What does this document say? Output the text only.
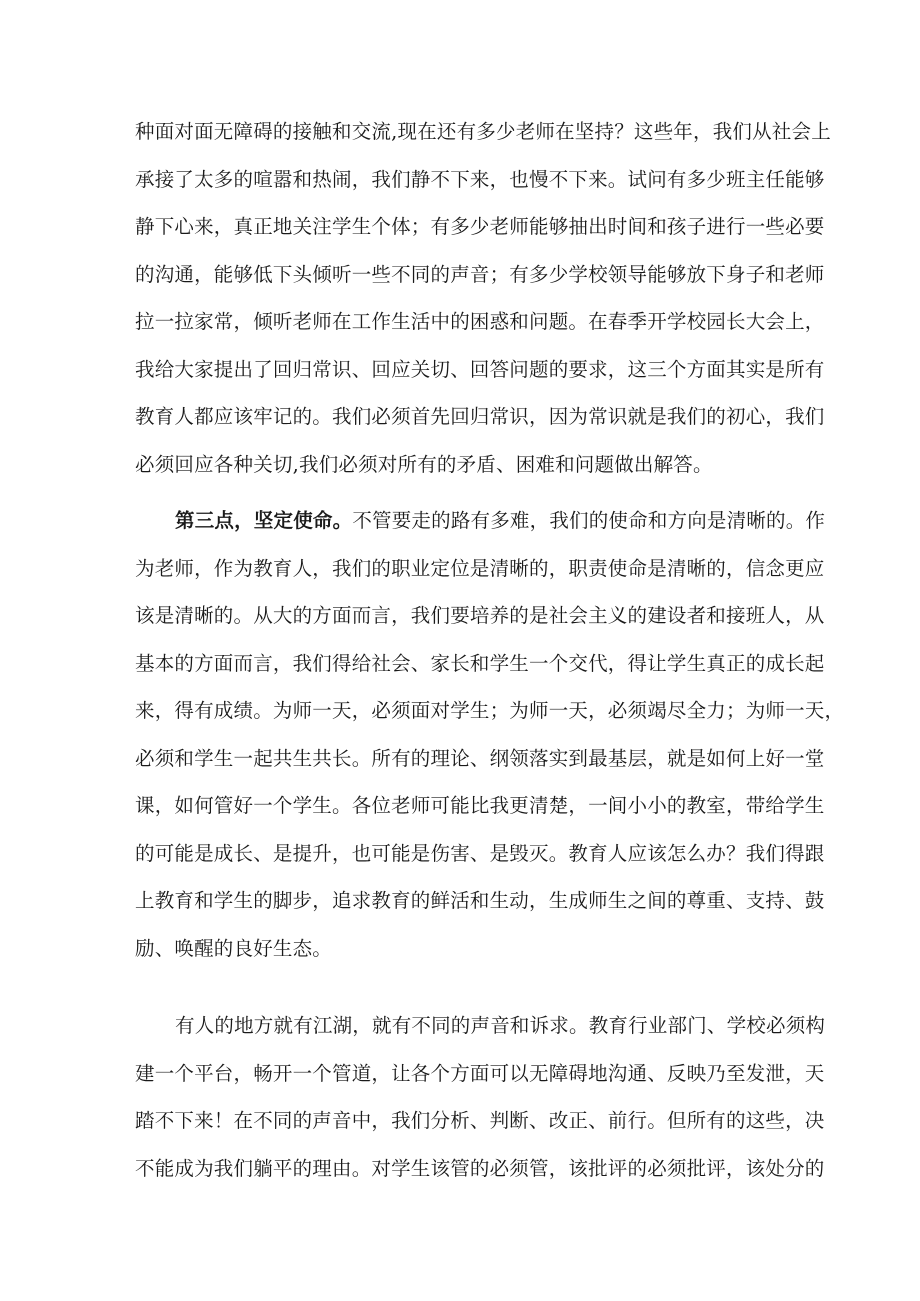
种面对面无障碍的接触和交流,现在还有多少老师在坚持？这些年，我们从社会上
承接了太多的喧嚣和热闹，我们静不下来，也慢不下来。试问有多少班主任能够
静下心来，真正地关注学生个体；有多少老师能够抽出时间和孩子进行一些必要
的沟通，能够低下头倾听一些不同的声音；有多少学校领导能够放下身子和老师
拉一拉家常，倾听老师在工作生活中的困惑和问题。在春季开学校园长大会上，
我给大家提出了回归常识、回应关切、回答问题的要求，这三个方面其实是所有
教育人都应该牢记的。我们必须首先回归常识，因为常识就是我们的初心，我们
必须回应各种关切,我们必须对所有的矛盾、困难和问题做出解答。
第三点，坚定使命。不管要走的路有多难，我们的使命和方向是清晰的。作
为老师，作为教育人，我们的职业定位是清晰的，职责使命是清晰的，信念更应
该是清晰的。从大的方面而言，我们要培养的是社会主义的建设者和接班人，从
基本的方面而言，我们得给社会、家长和学生一个交代，得让学生真正的成长起
来，得有成绩。为师一天，必须面对学生；为师一天，必须竭尽全力；为师一天，
必须和学生一起共生共长。所有的理论、纲领落实到最基层，就是如何上好一堂
课，如何管好一个学生。各位老师可能比我更清楚，一间小小的教室，带给学生
的可能是成长、是提升，也可能是伤害、是毁灭。教育人应该怎么办？我们得跟
上教育和学生的脚步，追求教育的鲜活和生动，生成师生之间的尊重、支持、鼓
励、唤醒的良好生态。
有人的地方就有江湖，就有不同的声音和诉求。教育行业部门、学校必须构
建一个平台，畅开一个管道，让各个方面可以无障碍地沟通、反映乃至发泄，天
踏不下来！在不同的声音中，我们分析、判断、改正、前行。但所有的这些，决
不能成为我们躺平的理由。对学生该管的必须管，该批评的必须批评，该处分的
